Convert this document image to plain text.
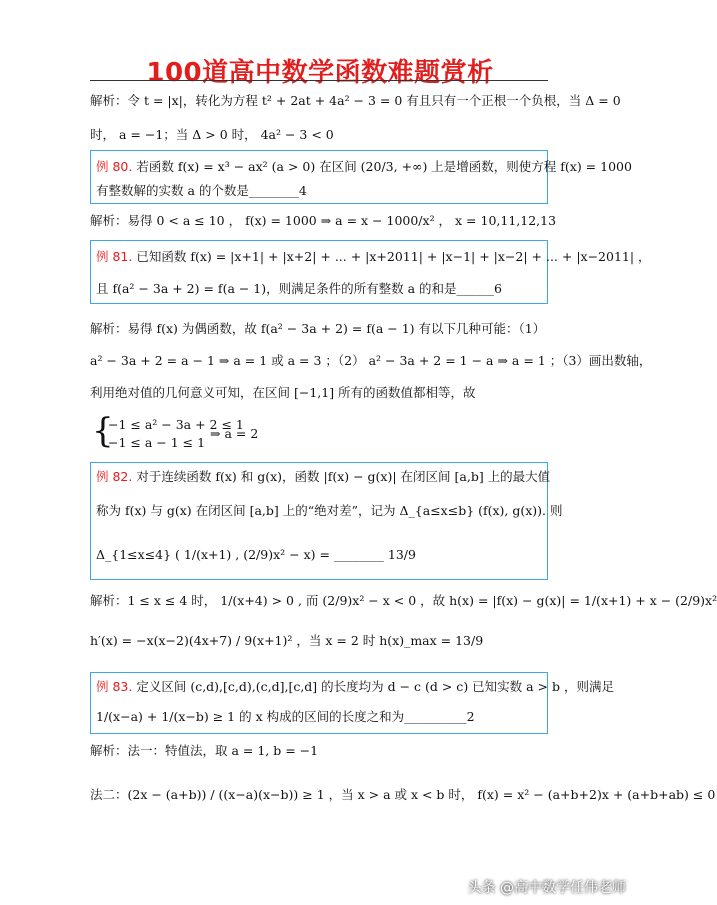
100道高中数学函数难题赏析
解析：令 t = |x|，转化为方程 t² + 2at + 4a² − 3 = 0 有且只有一个正根一个负根，当 Δ = 0
时， a = −1；当 Δ > 0 时， 4a² − 3 < 0
例 80. 若函数 f(x) = x³ − ax² (a > 0) 在区间 (20/3, +∞) 上是增函数，则使方程 f(x) = 1000
有整数解的实数 a 的个数是________4
解析：易得 0 < a ≤ 10 ， f(x) = 1000 ⇒ a = x − 1000/x² ， x = 10,11,12,13
例 81. 已知函数 f(x) = |x+1| + |x+2| + ... + |x+2011| + |x−1| + |x−2| + ... + |x−2011| ，
且 f(a² − 3a + 2) = f(a − 1)，则满足条件的所有整数 a 的和是______6
解析：易得 f(x) 为偶函数，故 f(a² − 3a + 2) = f(a − 1) 有以下几种可能：（1）
a² − 3a + 2 = a − 1 ⇒ a = 1 或 a = 3 ；（2） a² − 3a + 2 = 1 − a ⇒ a = 1 ；（3）画出数轴，
利用绝对值的几何意义可知，在区间 [−1,1] 所有的函数值都相等，故
{
−1 ≤ a² − 3a + 2 ≤ 1
−1 ≤ a − 1 ≤ 1
⇒ a = 2
例 82. 对于连续函数 f(x) 和 g(x)，函数 |f(x) − g(x)| 在闭区间 [a,b] 上的最大值
称为 f(x) 与 g(x) 在闭区间 [a,b] 上的“绝对差”，记为 Δ_{a≤x≤b} (f(x), g(x)). 则
Δ_{1≤x≤4} ( 1/(x+1) , (2/9)x² − x) = ________ 13/9
解析：1 ≤ x ≤ 4 时， 1/(x+4) > 0 , 而 (2/9)x² − x < 0 ，故 h(x) = |f(x) − g(x)| = 1/(x+1) + x − (2/9)x²
h′(x) = −x(x−2)(4x+7) / 9(x+1)² ，当 x = 2 时 h(x)_max = 13/9
例 83. 定义区间 (c,d),[c,d),(c,d],[c,d] 的长度均为 d − c (d > c) 已知实数 a > b ，则满足
1/(x−a) + 1/(x−b) ≥ 1 的 x 构成的区间的长度之和为__________2
解析：法一：特值法，取 a = 1, b = −1
法二：(2x − (a+b)) / ((x−a)(x−b)) ≥ 1 ，当 x > a 或 x < b 时， f(x) = x² − (a+b+2)x + (a+b+ab) ≤ 0
头条 @高中数学任伟老师
